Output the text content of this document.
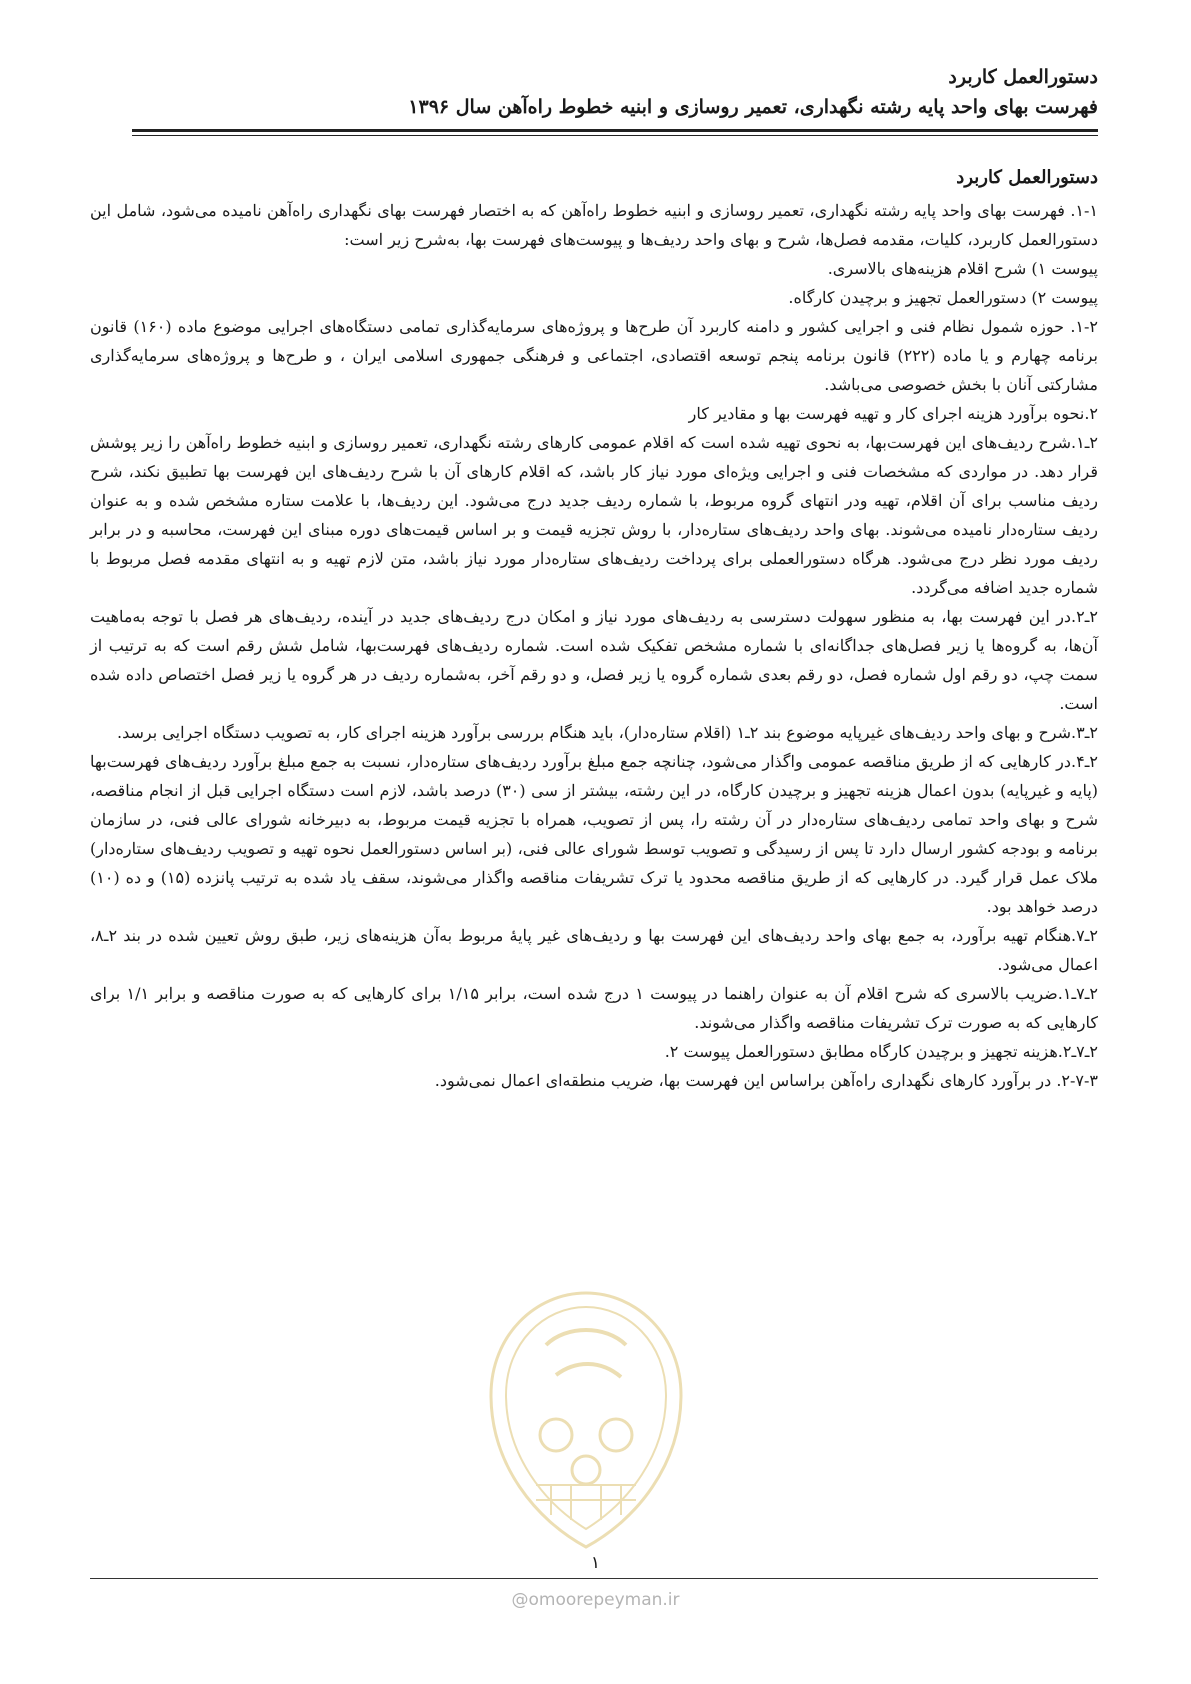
دستورالعمل کاربرد
فهرست بهای واحد پایه رشته نگهداری، تعمیر روسازی و ابنیه خطوط راه‌آهن سال ۱۳۹۶
دستورالعمل کاربرد

۱-۱. فهرست بهای واحد پایه رشته نگهداری، تعمیر روسازی و ابنیه خطوط راه‌آهن که به اختصار فهرست بهای نگهداری راه‌آهن نامیده می‌شود، شامل این دستورالعمل کاربرد، کلیات، مقدمه فصل‌ها، شرح و بهای واحد ردیف‌ها و پیوست‌های فهرست بها، به‌شرح زیر است:

پیوست ۱) شرح اقلام هزینه‌های بالاسری.

پیوست ۲) دستورالعمل تجهیز و برچیدن کارگاه.

۱-۲. حوزه شمول نظام فنی و اجرایی کشور و دامنه کاربرد آن طرح‌ها و پروژه‌های سرمایه‌گذاری تمامی دستگاه‌های اجرایی موضوع ماده (۱۶۰) قانون برنامه چهارم و یا ماده (۲۲۲) قانون برنامه پنجم توسعه اقتصادی، اجتماعی و فرهنگی جمهوری اسلامی ایران ، و طرح‌ها و پروژه‌های سرمایه‌گذاری مشارکتی آنان با بخش خصوصی می‌باشد.

۲.نحوه برآورد هزینه اجرای کار و تهیه فهرست بها و مقادیر کار

۲ـ۱.شرح ردیف‌های این فهرست‌بها، به نحوی تهیه شده است که اقلام عمومی کارهای رشته نگهداری، تعمیر روسازی و ابنیه خطوط راه‌آهن را زیر پوشش قرار دهد. در مواردی که مشخصات فنی و اجرایی ویژه‌ای مورد نیاز کار باشد، که اقلام کارهای آن با شرح ردیف‌های این فهرست بها تطبیق نکند، شرح ردیف مناسب برای آن اقلام، تهیه ودر انتهای گروه مربوط، با شماره ردیف جدید درج می‌شود. این ردیف‌ها، با علامت ستاره مشخص شده و به عنوان ردیف ستاره‌دار نامیده می‌شوند. بهای واحد ردیف‌های ستاره‌دار، با روش تجزیه قیمت و بر اساس قیمت‌های دوره مبنای این فهرست، محاسبه و در برابر ردیف مورد نظر درج می‌شود. هرگاه دستورالعملی برای پرداخت ردیف‌های ستاره‌دار مورد نیاز باشد، متن لازم تهیه و به انتهای مقدمه فصل مربوط با شماره جدید اضافه می‌گردد.

۲ـ۲.در این فهرست بها، به منظور سهولت دسترسی به ردیف‌های مورد نیاز و امکان درج ردیف‌های جدید در آینده، ردیف‌های هر فصل با توجه به‌ماهیت آن‌ها، به گروه‌ها یا زیر فصل‌های جداگانه‌ای با شماره مشخص تفکیک شده است. شماره ردیف‌های فهرست‌بها، شامل شش رقم است که به ترتیب از سمت چپ، دو رقم اول شماره فصل، دو رقم بعدی شماره گروه یا زیر فصل، و دو رقم آخر، به‌شماره ردیف در هر گروه یا زیر فصل اختصاص داده شده است.

۲ـ۳.شرح و بهای واحد ردیف‌های غیرپایه موضوع بند ۲ـ۱ (اقلام ستاره‌دار)، باید هنگام بررسی برآورد هزینه اجرای کار، به تصویب دستگاه اجرایی برسد.

۲ـ۴.در کارهایی که از طریق مناقصه عمومی واگذار می‌شود، چنانچه جمع مبلغ برآورد ردیف‌های ستاره‌دار، نسبت به جمع مبلغ برآورد ردیف‌های فهرست‌بها (پایه و غیرپایه) بدون اعمال هزینه تجهیز و برچیدن کارگاه، در این رشته، بیشتر از سی (۳۰) درصد باشد، لازم است دستگاه اجرایی قبل از انجام مناقصه، شرح و بهای واحد تمامی ردیف‌های ستاره‌دار در آن رشته را، پس از تصویب، همراه با تجزیه قیمت مربوط، به دبیرخانه شورای عالی فنی، در سازمان برنامه و بودجه کشور ارسال دارد تا پس از رسیدگی و تصویب توسط شورای عالی فنی، (بر اساس دستورالعمل نحوه تهیه و تصویب ردیف‌های ستاره‌دار) ملاک عمل قرار گیرد. در کارهایی که از طریق مناقصه محدود یا ترک تشریفات مناقصه واگذار می‌شوند، سقف یاد شده به ترتیب پانزده (۱۵) و ده (۱۰) درصد خواهد بود.

۲ـ۷.هنگام تهیه برآورد، به جمع بهای واحد ردیف‌های این فهرست بها و ردیف‌های غیر پایهٔ مربوط به‌آن هزینه‌های زیر، طبق روش تعیین شده در بند ۲ـ۸، اعمال می‌شود.

۲ـ۷ـ۱.ضریب بالاسری که شرح اقلام آن به عنوان راهنما در پیوست ۱ درج شده است، برابر ۱/۱۵ برای کارهایی که به صورت مناقصه و برابر ۱/۱ برای کارهایی که به صورت ترک تشریفات مناقصه واگذار می‌شوند.

۲ـ۷ـ۲.هزینه تجهیز و برچیدن کارگاه مطابق دستورالعمل پیوست ۲.

۲-۷-۳. در برآورد کارهای نگهداری راه‌آهن براساس این فهرست بها، ضریب منطقه‌ای اعمال نمی‌شود.

۱
@omoorepeyman.ir
